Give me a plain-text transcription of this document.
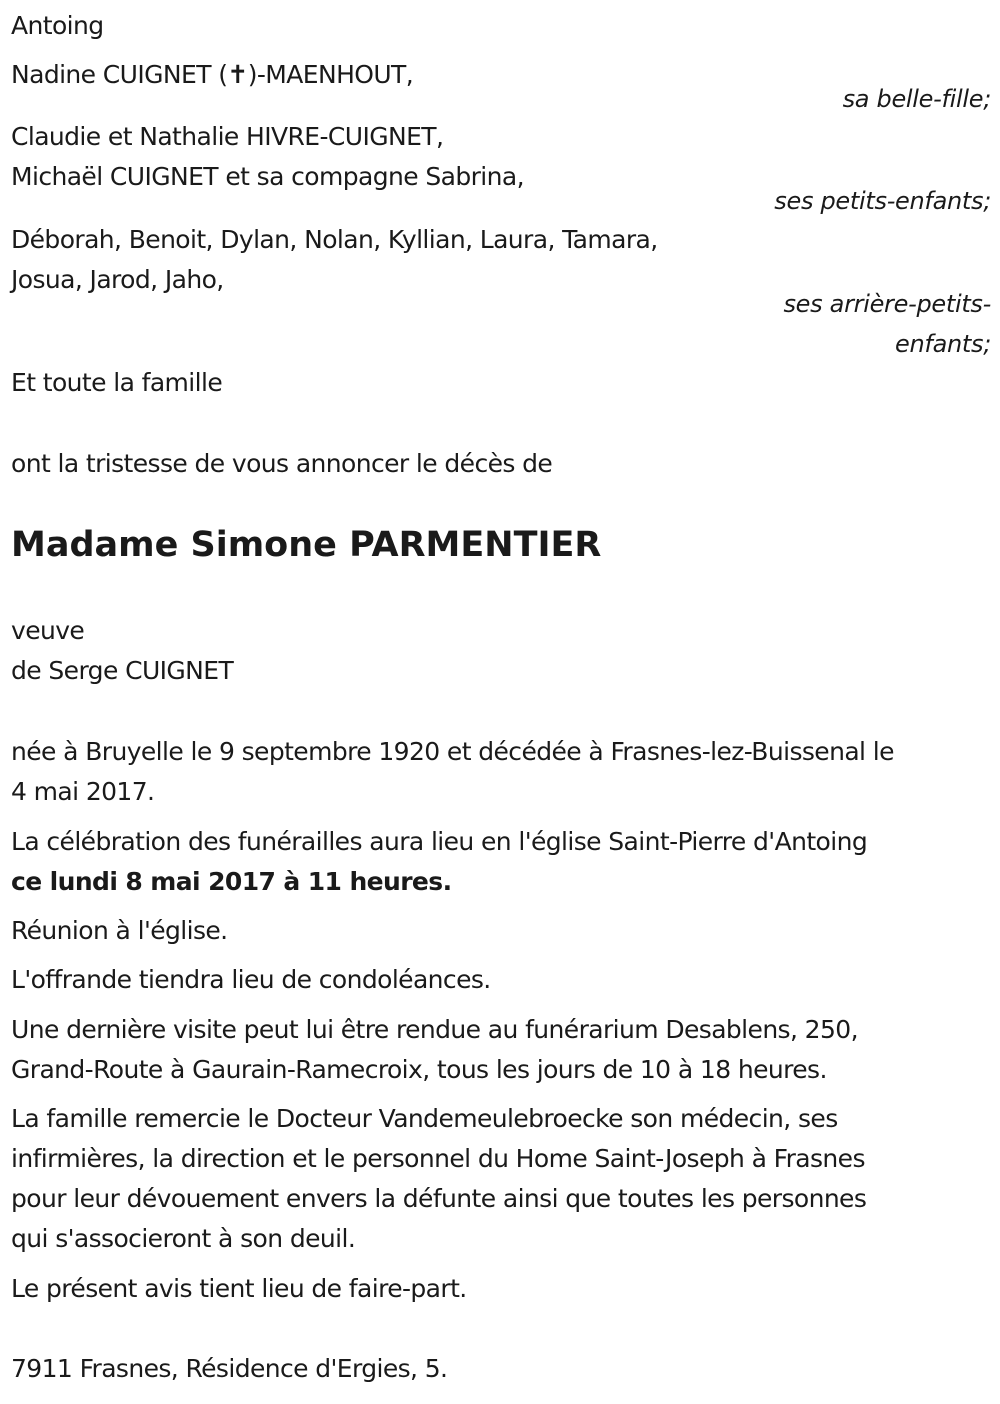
Antoing
Nadine CUIGNET (✝)-MAENHOUT,
sa belle-fille;
Claudie et Nathalie HIVRE-CUIGNET,
Michaël CUIGNET et sa compagne Sabrina,
ses petits-enfants;
Déborah, Benoit, Dylan, Nolan, Kyllian, Laura, Tamara,
Josua, Jarod, Jaho,
ses arrière-petits-
enfants;
Et toute la famille
ont la tristesse de vous annoncer le décès de
Madame Simone PARMENTIER
veuve
de Serge CUIGNET
née à Bruyelle le 9 septembre 1920 et décédée à Frasnes-lez-Buissenal le
4 mai 2017.
La célébration des funérailles aura lieu en l'église Saint-Pierre d'Antoing
ce lundi 8 mai 2017 à 11 heures.
Réunion à l'église.
L'offrande tiendra lieu de condoléances.
Une dernière visite peut lui être rendue au funérarium Desablens, 250,
Grand-Route à Gaurain-Ramecroix, tous les jours de 10 à 18 heures.
La famille remercie le Docteur Vandemeulebroecke son médecin, ses
infirmières, la direction et le personnel du Home Saint-Joseph à Frasnes
pour leur dévouement envers la défunte ainsi que toutes les personnes
qui s'associeront à son deuil.
Le présent avis tient lieu de faire-part.
7911 Frasnes, Résidence d'Ergies, 5.
